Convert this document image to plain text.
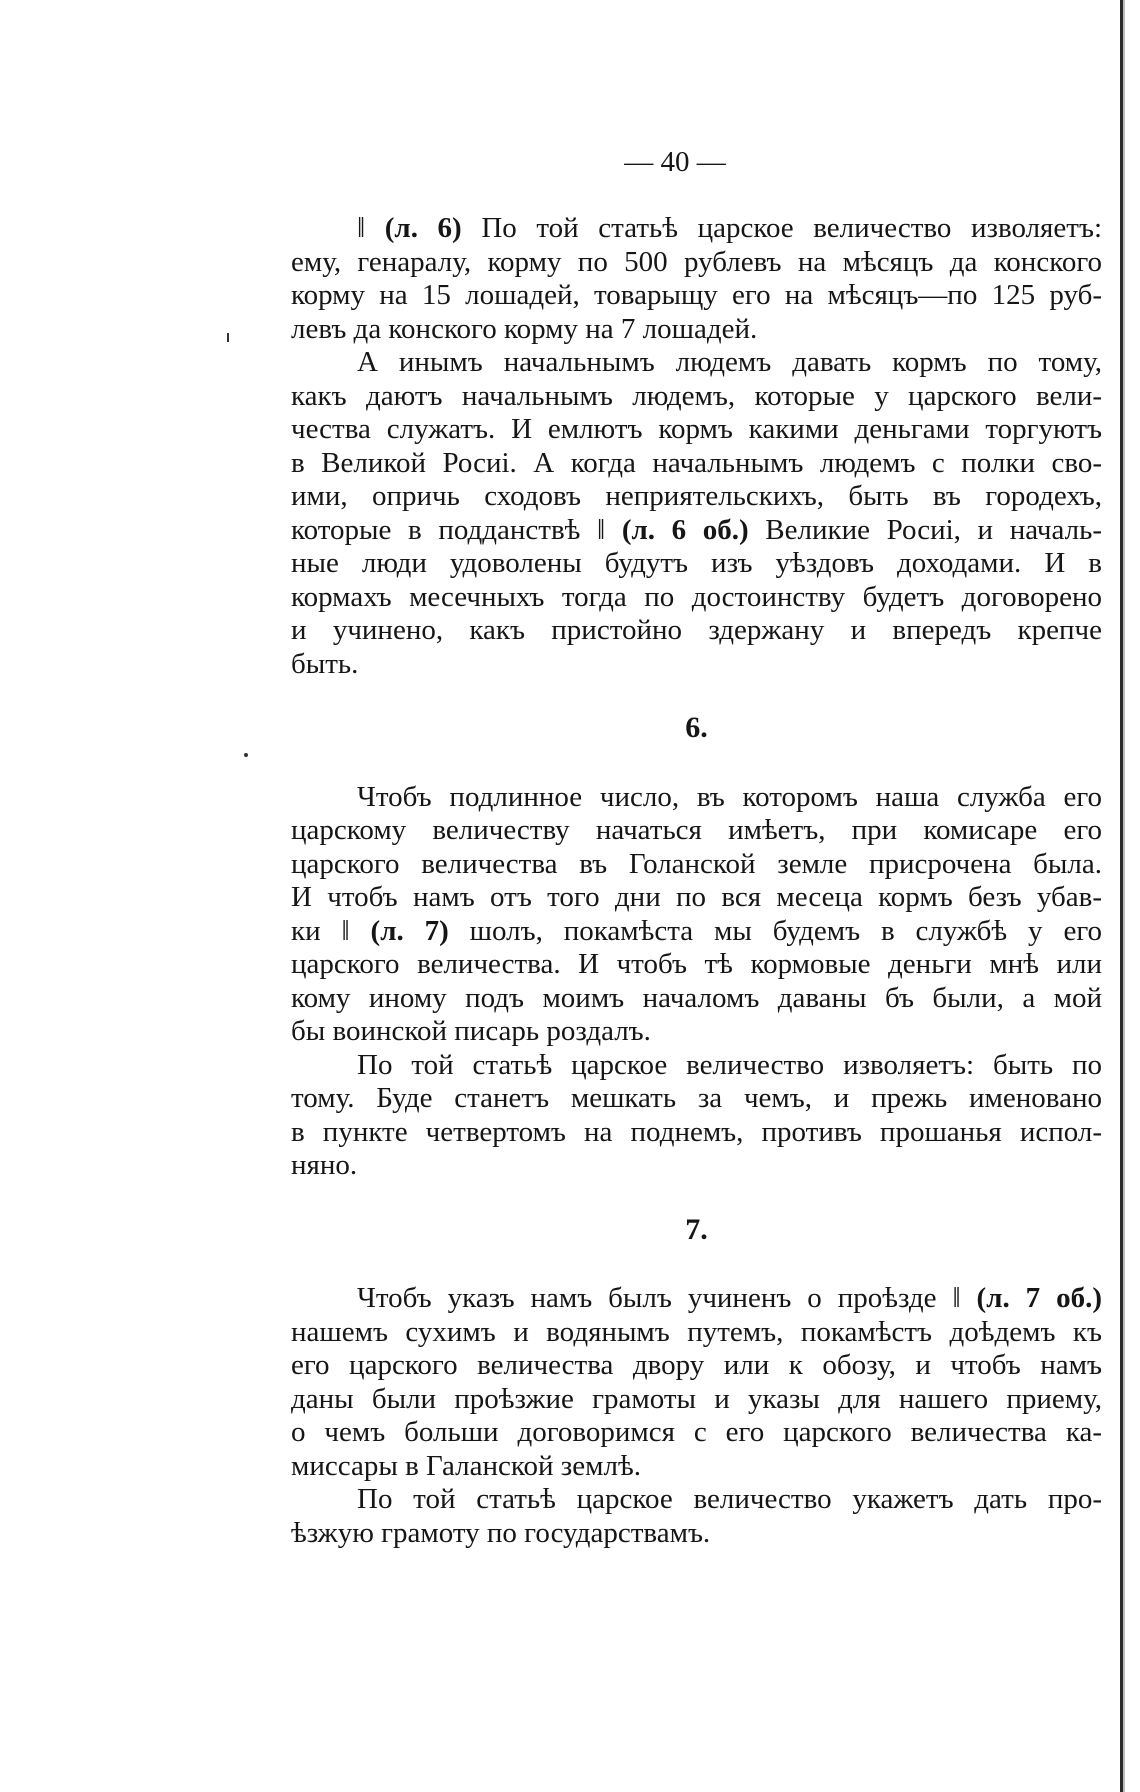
— 40 —
‖ (л. 6) По той статьѣ царское величество изволяетъ:
ему, генаралу, корму по 500 рублевъ на мѣсяцъ да конского
корму на 15 лошадей, товарыщу его на мѣсяцъ—по 125 руб-
левъ да конского корму на 7 лошадей.
А инымъ начальнымъ людемъ давать кормъ по тому,
какъ даютъ начальнымъ людемъ, которые у царского вели-
чества служатъ. И емлютъ кормъ какими деньгами торгуютъ
в Великой Росиі. А когда начальнымъ людемъ с полки сво-
ими, опричь сходовъ неприятельскихъ, быть въ городехъ,
которые в подданствѣ ‖ (л. 6 об.) Великие Росиі, и началь-
ные люди удоволены будутъ изъ уѣздовъ доходами. И в
кормахъ месечныхъ тогда по достоинству будетъ договорено
и учинено, какъ пристойно здержану и впередъ крепче
быть.
6.
Чтобъ подлинное число, въ которомъ наша служба его
царскому величеству начаться имѣетъ, при комисаре его
царского величества въ Голанской земле присрочена была.
И чтобъ намъ отъ того дни по вся месеца кормъ безъ убав-
ки ‖ (л. 7) шолъ, покамѣста мы будемъ в службѣ у его
царского величества. И чтобъ тѣ кормовые деньги мнѣ или
кому иному подъ моимъ началомъ даваны бъ были, а мой
бы воинской писарь роздалъ.
По той статьѣ царское величество изволяетъ: быть по
тому. Буде станетъ мешкать за чемъ, и прежь именовано
в пункте четвертомъ на поднемъ, противъ прошанья испол-
няно.
7.
Чтобъ указъ намъ былъ учиненъ о проѣзде ‖ (л. 7 об.)
нашемъ сухимъ и водянымъ путемъ, покамѣстъ доѣдемъ къ
его царского величества двору или к обозу, и чтобъ намъ
даны были проѣзжие грамоты и указы для нашего приему,
о чемъ больши договоримся с его царского величества ка-
миссары в Галанской землѣ.
По той статьѣ царское величество укажетъ дать про-
ѣзжую грамоту по государствамъ.
